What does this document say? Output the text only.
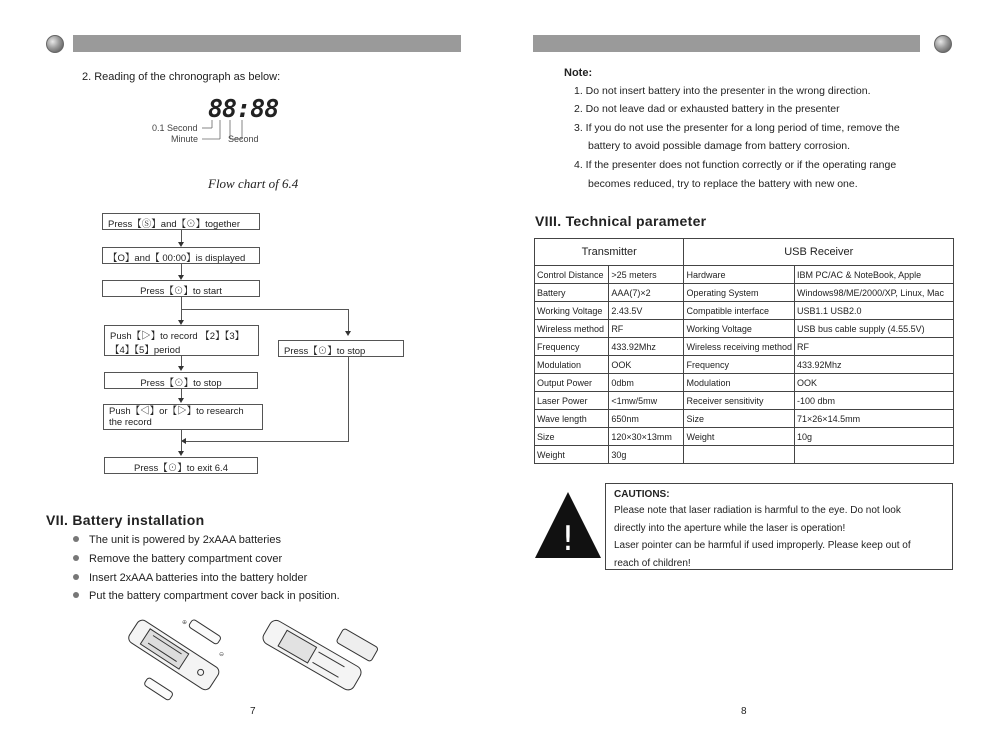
2. Reading of the chronograph as below:
88:88
0.1 Second
Minute	Second
Flow chart of 6.4
Press【Ⓢ】and【⊙】together
【O】and【 00:00】is displayed
Press【⊙】to start
Press【⊙】to stop
Push【▷】to record 【2】【3】
【4】【5】period
Press【⊙】to stop
Push【◁】or【▷】to research
the record
Press【⊙】to exit 6.4
VII. Battery installation
The unit is powered by 2xAAA batteries
Remove the battery compartment cover
Insert 2xAAA batteries into the battery holder
Put the battery compartment cover back in position.
⊕
⊖
7
Note:
1. Do not insert battery into the presenter in the wrong direction.
2. Do not leave dad or exhausted battery in the presenter
3. If you do not use the presenter for a long period of time, remove the
battery to avoid possible damage from battery corrosion.
4. If the presenter does not function correctly or if the operating range
becomes reduced, try to replace the battery with new one.
VIII. Technical parameter
Transmitter		USB Receiver	
Control Distance	>25 meters	Hardware	IBM PC/AC & NoteBook, Apple
Battery	AAA(7)×2	Operating System	Windows98/ME/2000/XP, Linux, Mac
Working Voltage	2.43.5V	Compatible interface	USB1.1 USB2.0
Wireless method	RF	Working Voltage	USB bus cable supply (4.55.5V)
Frequency	433.92Mhz	Wireless receiving method	RF
Modulation	OOK	Frequency	433.92Mhz
Output Power	0dbm	Modulation	OOK
Laser Power	<1mw/5mw	Receiver sensitivity	-100 dbm
Wave length	650nm	Size	71×26×14.5mm
Size	120×30×13mm	Weight	10g
Weight	30g		
!
CAUTIONS:
Please note that laser radiation is harmful to the eye. Do not look
directly into the aperture while the laser is operation!
Laser pointer can be harmful if used improperly. Please keep out of
reach of children!
8
